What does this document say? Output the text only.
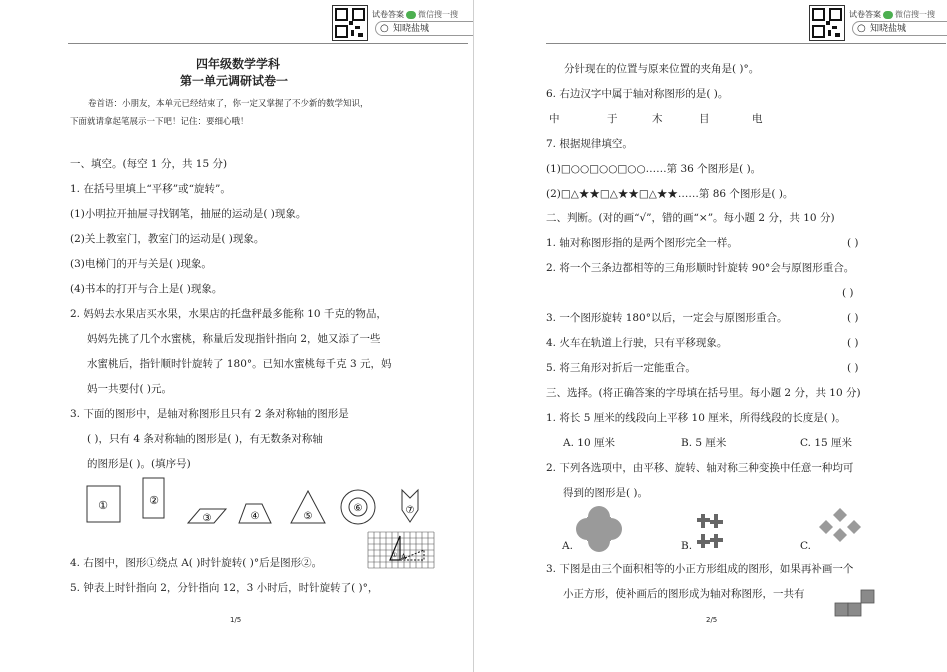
试卷答案 微信搜一搜
○ 知晓盐城
四年级数学学科
第一单元调研试卷一
卷首语：小朋友，本单元已经结束了，你一定又掌握了不少新的数学知识，
下面就请拿起笔展示一下吧！记住：要细心哦！
一、填空。(每空 1 分，共 15 分)
1. 在括号里填上“平移”或“旋转”。
(1)小明拉开抽屉寻找钢笔，抽屉的运动是( )现象。
(2)关上教室门，教室门的运动是( )现象。
(3)电梯门的开与关是( )现象。
(4)书本的打开与合上是( )现象。
2. 妈妈去水果店买水果，水果店的托盘秤最多能称 10 千克的物品，
妈妈先挑了几个水蜜桃，称量后发现指针指向 2，她又添了一些
水蜜桃后，指针顺时针旋转了 180°。已知水蜜桃每千克 3 元，妈
妈一共要付( )元。
3. 下面的图形中，是轴对称图形且只有 2 条对称轴的图形是
( )，只有 4 条对称轴的图形是( )，有无数条对称轴
的图形是( )。(填序号)
①	②
③	④	⑤
⑥	⑦
4. 右图中，图形①绕点 A( )时针旋转( )°后是图形②。	A
①
5. 钟表上时针指向 2，分针指向 12，3 小时后，时针旋转了( )°，
1/5
试卷答案 微信搜一搜
○ 知晓盐城
分针现在的位置与原来位置的夹角是( )°。
6. 右边汉字中属于轴对称图形的是( )。
中	于	木	目	电
7. 根据规律填空。
(1)□○○□○○□○○……第 36 个图形是( )。
(2)□△★★□△★★□△★★……第 86 个图形是( )。
二、判断。(对的画“√”，错的画“×”。每小题 2 分，共 10 分)
1. 轴对称图形指的是两个图形完全一样。	( )
2. 将一个三条边都相等的三角形顺时针旋转 90°会与原图形重合。
( )
3. 一个图形旋转 180°以后，一定会与原图形重合。	( )
4. 火车在轨道上行驶，只有平移现象。	( )
5. 将三角形对折后一定能重合。	( )
三、选择。(将正确答案的字母填在括号里。每小题 2 分，共 10 分)
1. 将长 5 厘米的线段向上平移 10 厘米，所得线段的长度是( )。
A. 10 厘米	B. 5 厘米	C. 15 厘米
2. 下列各选项中，由平移、旋转、轴对称三种变换中任意一种均可
得到的图形是( )。
A.	B.	C.
3. 下图是由三个面积相等的小正方形组成的图形，如果再补画一个
小正方形，使补画后的图形成为轴对称图形，一共有
2/5
